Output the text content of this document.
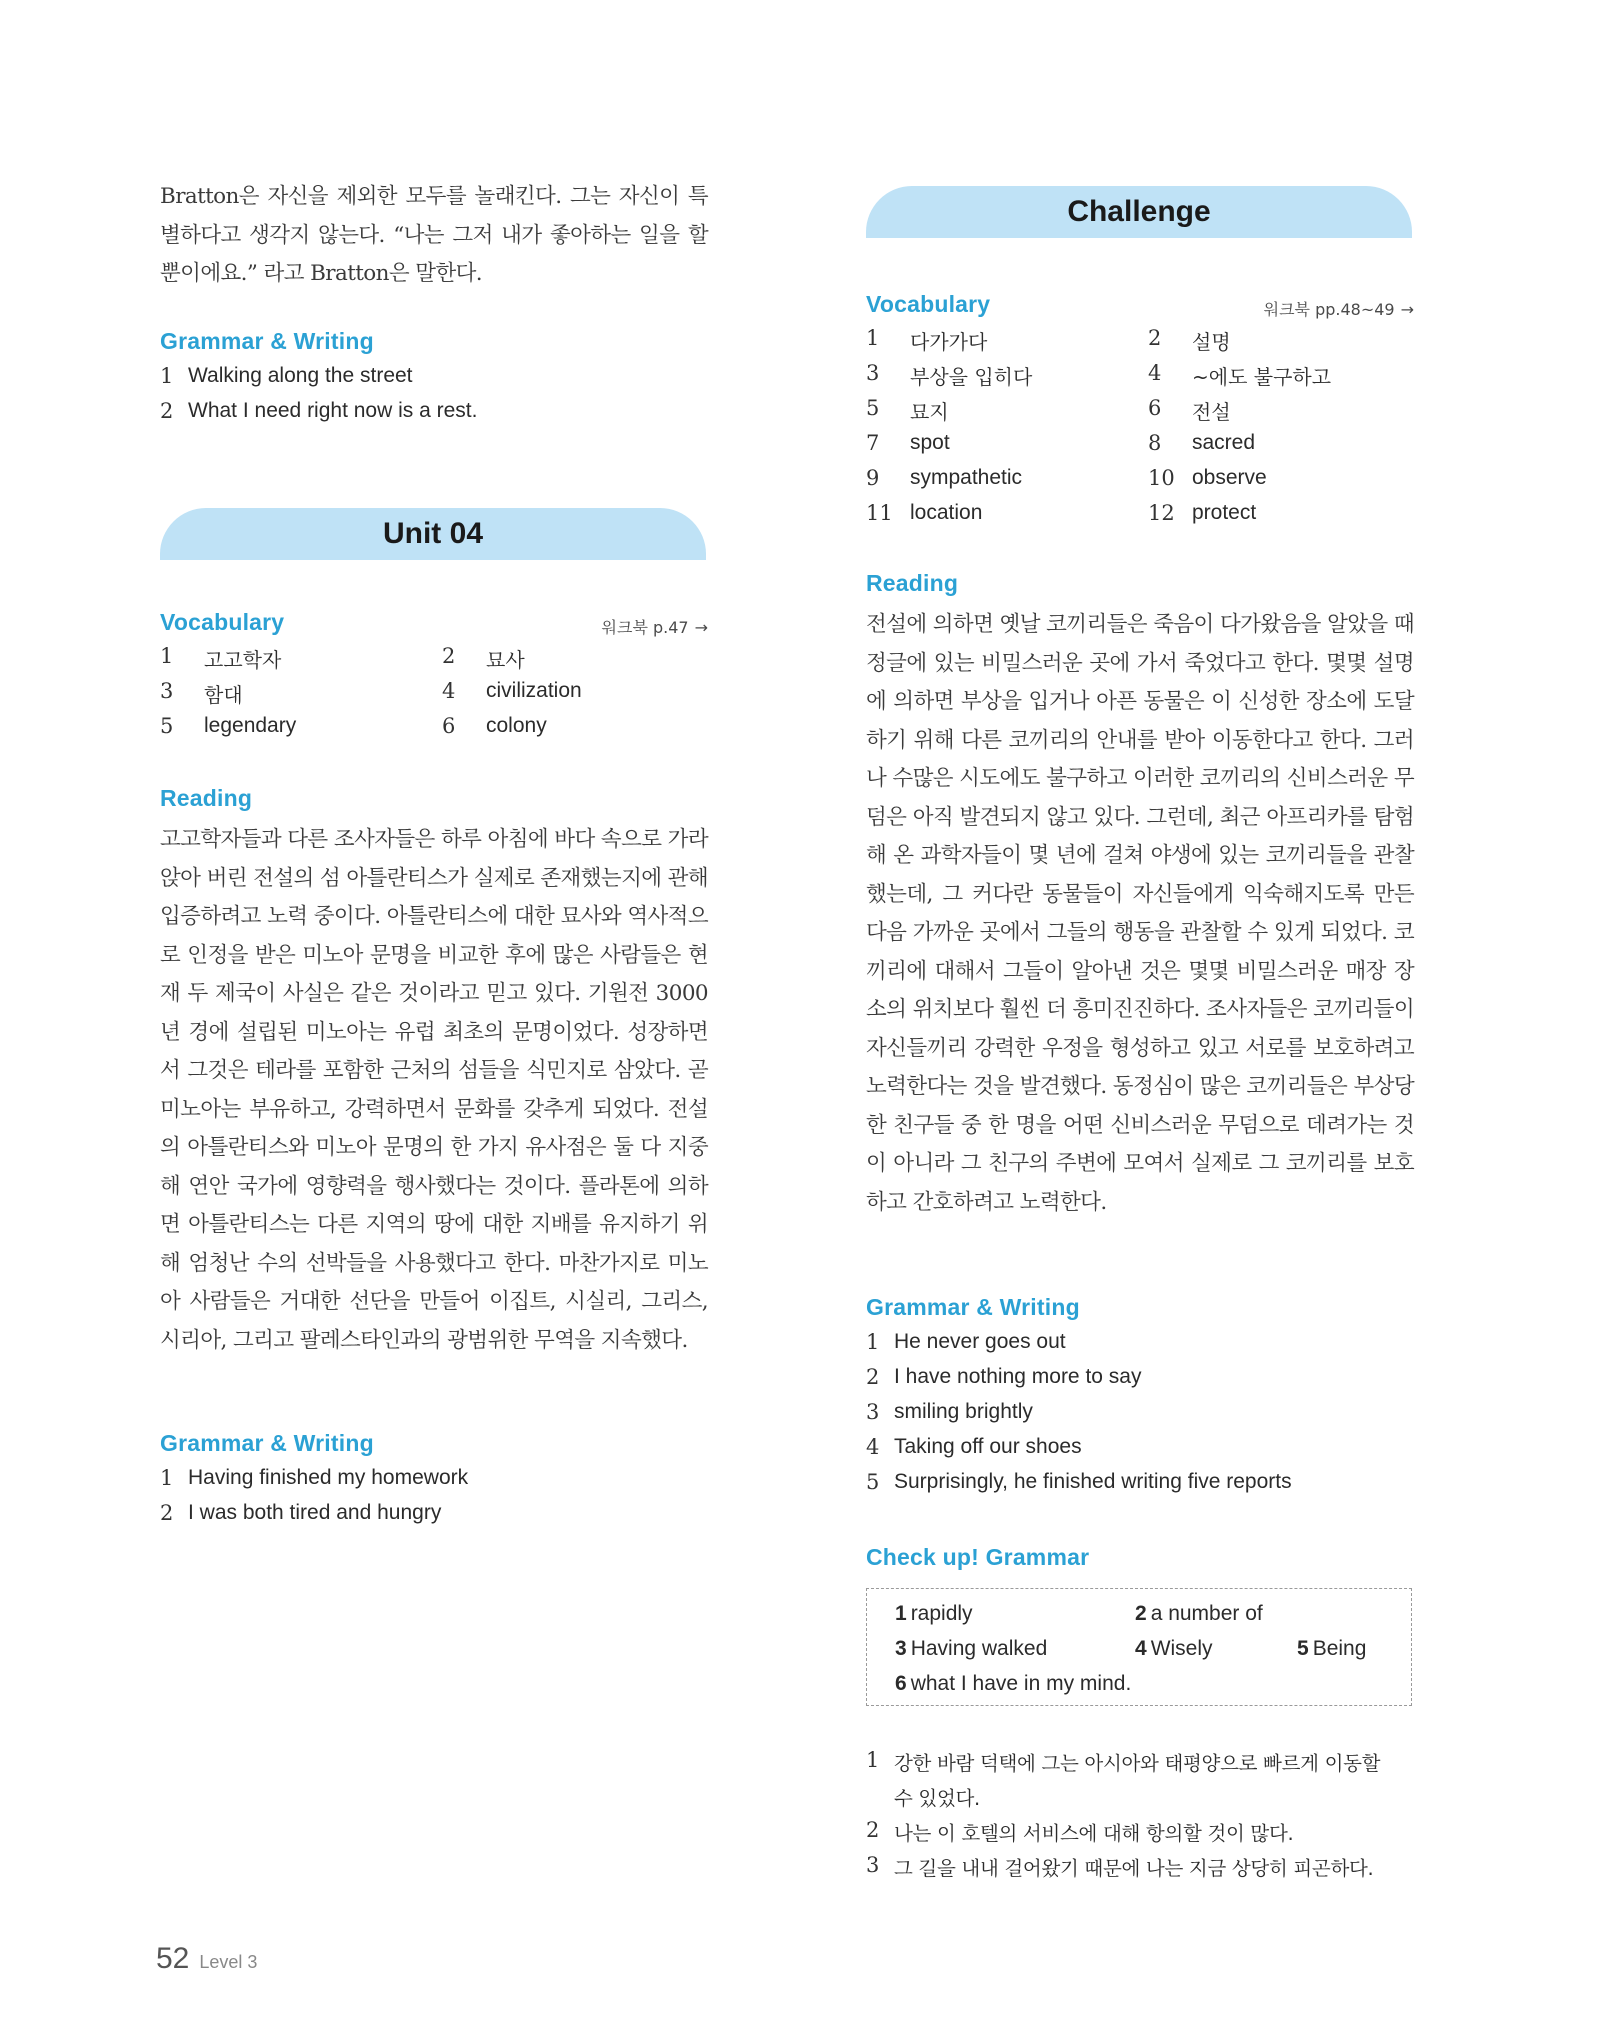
Bratton은 자신을 제외한 모두를 놀래킨다. 그는 자신이 특별하다고 생각지 않는다. “나는 그저 내가 좋아하는 일을 할 뿐이에요.” 라고 Bratton은 말한다.
Grammar & Writing
1 Walking along the street
2 What I need right now is a rest.
Unit 04
Vocabulary	워크북 p.47 →
1 고고학자	2 묘사
3 함대	4 civilization
5 legendary	6 colony
Reading
고고학자들과 다른 조사자들은 하루 아침에 바다 속으로 가라앉아 버린 전설의 섬 아틀란티스가 실제로 존재했는지에 관해 입증하려고 노력 중이다. 아틀란티스에 대한 묘사와 역사적으로 인정을 받은 미노아 문명을 비교한 후에 많은 사람들은 현재 두 제국이 사실은 같은 것이라고 믿고 있다. 기원전 3000년 경에 설립된 미노아는 유럽 최초의 문명이었다. 성장하면서 그것은 테라를 포함한 근처의 섬들을 식민지로 삼았다. 곧 미노아는 부유하고, 강력하면서 문화를 갖추게 되었다. 전설의 아틀란티스와 미노아 문명의 한 가지 유사점은 둘 다 지중해 연안 국가에 영향력을 행사했다는 것이다. 플라톤에 의하면 아틀란티스는 다른 지역의 땅에 대한 지배를 유지하기 위해 엄청난 수의 선박들을 사용했다고 한다. 마찬가지로 미노아 사람들은 거대한 선단을 만들어 이집트, 시실리, 그리스, 시리아, 그리고 팔레스타인과의 광범위한 무역을 지속했다.
Grammar & Writing
1 Having finished my homework
2 I was both tired and hungry
Challenge
Vocabulary	워크북 pp.48~49 →
1 다가가다	2 설명
3 부상을 입히다	4 ~에도 불구하고
5 묘지	6 전설
7 spot	8 sacred
9 sympathetic	10 observe
11 location	12 protect
Reading
전설에 의하면 옛날 코끼리들은 죽음이 다가왔음을 알았을 때 정글에 있는 비밀스러운 곳에 가서 죽었다고 한다. 몇몇 설명에 의하면 부상을 입거나 아픈 동물은 이 신성한 장소에 도달하기 위해 다른 코끼리의 안내를 받아 이동한다고 한다. 그러나 수많은 시도에도 불구하고 이러한 코끼리의 신비스러운 무덤은 아직 발견되지 않고 있다. 그런데, 최근 아프리카를 탐험해 온 과학자들이 몇 년에 걸쳐 야생에 있는 코끼리들을 관찰했는데, 그 커다란 동물들이 자신들에게 익숙해지도록 만든 다음 가까운 곳에서 그들의 행동을 관찰할 수 있게 되었다. 코끼리에 대해서 그들이 알아낸 것은 몇몇 비밀스러운 매장 장소의 위치보다 훨씬 더 흥미진진하다. 조사자들은 코끼리들이 자신들끼리 강력한 우정을 형성하고 있고 서로를 보호하려고 노력한다는 것을 발견했다. 동정심이 많은 코끼리들은 부상당한 친구들 중 한 명을 어떤 신비스러운 무덤으로 데려가는 것이 아니라 그 친구의 주변에 모여서 실제로 그 코끼리를 보호하고 간호하려고 노력한다.
Grammar & Writing
1 He never goes out
2 I have nothing more to say
3 smiling brightly
4 Taking off our shoes
5 Surprisingly, he finished writing five reports
Check up! Grammar
1 rapidly	2 a number of
3 Having walked	4 Wisely	5 Being
6 what I have in my mind.
1 강한 바람 덕택에 그는 아시아와 태평양으로 빠르게 이동할
수 있었다.
2 나는 이 호텔의 서비스에 대해 항의할 것이 많다.
3 그 길을 내내 걸어왔기 때문에 나는 지금 상당히 피곤하다.
52 Level 3
